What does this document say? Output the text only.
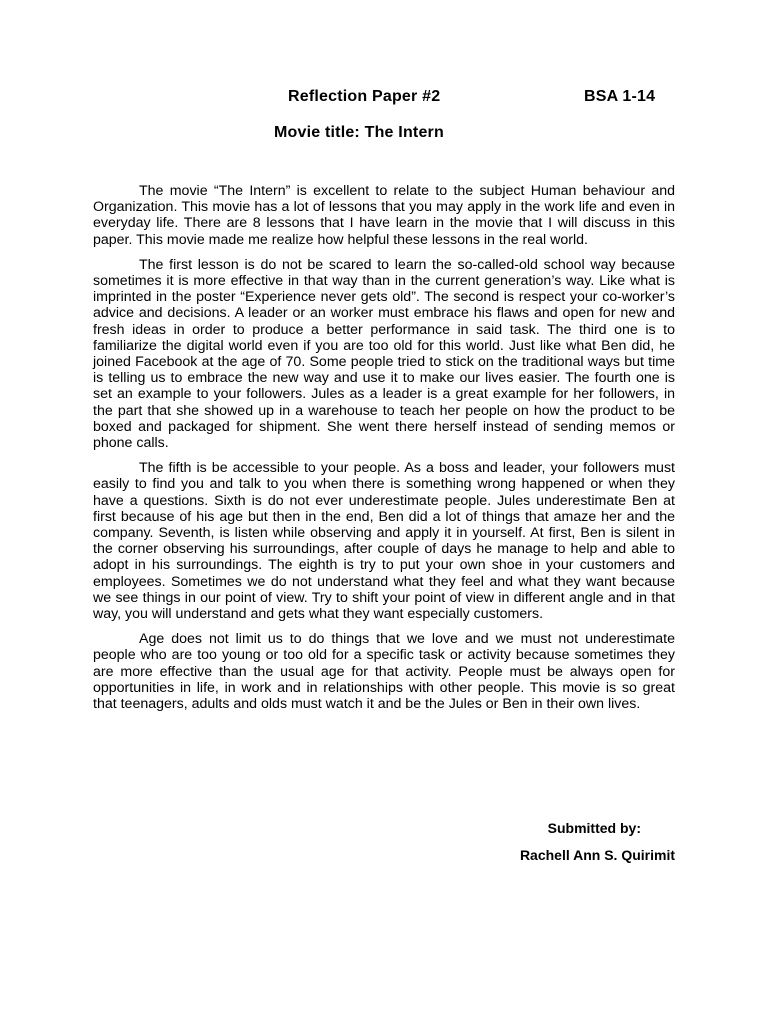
Reflection Paper #2	BSA 1-14
Movie title: The Intern

The movie “The Intern” is excellent to relate to the subject Human behaviour and Organization. This movie has a lot of lessons that you may apply in the work life and even in everyday life. There are 8 lessons that I have learn in the movie that I will discuss in this paper. This movie made me realize how helpful these lessons in the real world.

The first lesson is do not be scared to learn the so-called-old school way because sometimes it is more effective in that way than in the current generation’s way. Like what is imprinted in the poster “Experience never gets old”. The second is respect your co-worker’s advice and decisions. A leader or an worker must embrace his flaws and open for new and fresh ideas in order to produce a better performance in said task. The third one is to familiarize the digital world even if you are too old for this world. Just like what Ben did, he joined Facebook at the age of 70. Some people tried to stick on the traditional ways but time is telling us to embrace the new way and use it to make our lives easier. The fourth one is set an example to your followers. Jules as a leader is a great example for her followers, in the part that she showed up in a warehouse to teach her people on how the product to be boxed and packaged for shipment. She went there herself instead of sending memos or phone calls.

The fifth is be accessible to your people. As a boss and leader, your followers must easily to find you and talk to you when there is something wrong happened or when they have a questions. Sixth is do not ever underestimate people. Jules underestimate Ben at first because of his age but then in the end, Ben did a lot of things that amaze her and the company. Seventh, is listen while observing and apply it in yourself. At first, Ben is silent in the corner observing his surroundings, after couple of days he manage to help and able to adopt in his surroundings. The eighth is try to put your own shoe in your customers and employees. Sometimes we do not understand what they feel and what they want because we see things in our point of view. Try to shift your point of view in different angle and in that way, you will understand and gets what they want especially customers.

Age does not limit us to do things that we love and we must not underestimate people who are too young or too old for a specific task or activity because sometimes they are more effective than the usual age for that activity. People must be always open for opportunities in life, in work and in relationships with other people. This movie is so great that teenagers, adults and olds must watch it and be the Jules or Ben in their own lives.

Submitted by:
Rachell Ann S. Quirimit
